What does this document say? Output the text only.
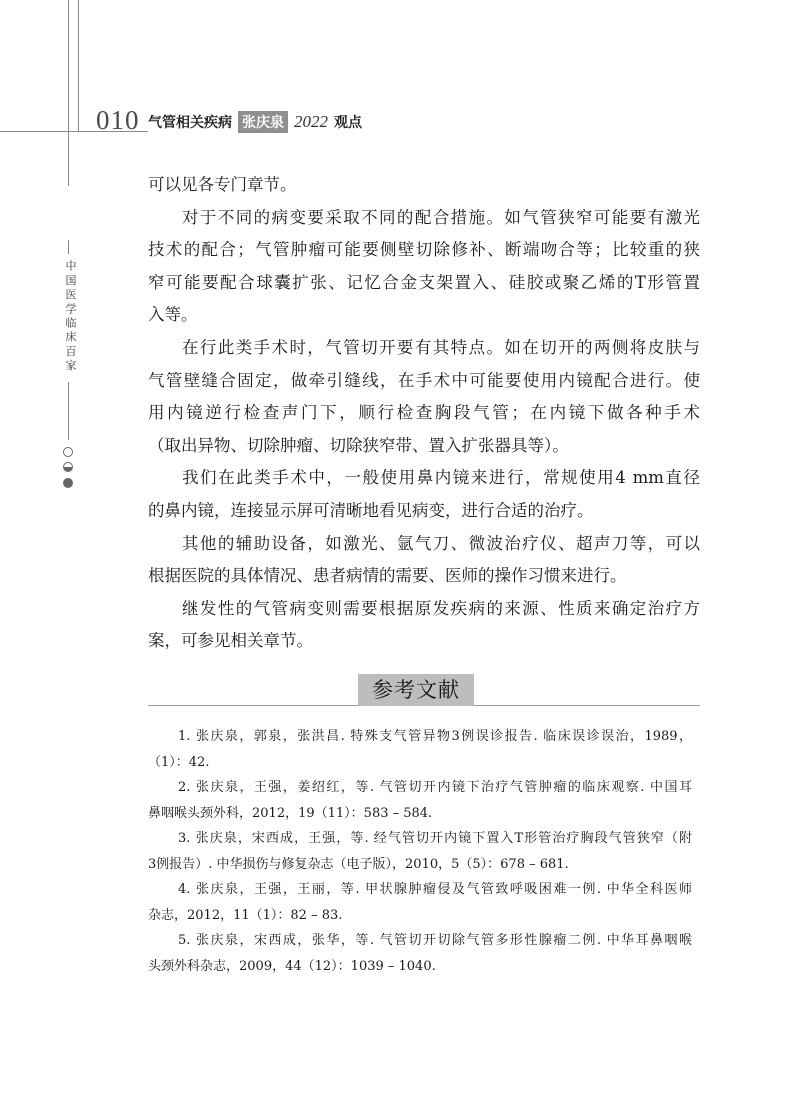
010 气管相关疾病 张庆泉 2022 观点
中国医学临床百家
可以见各专门章节。
对于不同的病变要采取不同的配合措施。如气管狭窄可能要有激光
技术的配合；气管肿瘤可能要侧壁切除修补、断端吻合等；比较重的狭
窄可能要配合球囊扩张、记忆合金支架置入、硅胶或聚乙烯的T形管置
入等。
在行此类手术时，气管切开要有其特点。如在切开的两侧将皮肤与
气管壁缝合固定，做牵引缝线，在手术中可能要使用内镜配合进行。使
用内镜逆行检查声门下，顺行检查胸段气管；在内镜下做各种手术
（取出异物、切除肿瘤、切除狭窄带、置入扩张器具等）。
我们在此类手术中，一般使用鼻内镜来进行，常规使用4 mm直径
的鼻内镜，连接显示屏可清晰地看见病变，进行合适的治疗。
其他的辅助设备，如激光、氩气刀、微波治疗仪、超声刀等，可以
根据医院的具体情况、患者病情的需要、医师的操作习惯来进行。
继发性的气管病变则需要根据原发疾病的来源、性质来确定治疗方
案，可参见相关章节。
参考文献
1. 张庆泉，郭泉，张洪昌. 特殊支气管异物3例误诊报告. 临床误诊误治，1989，
（1）：42.
2. 张庆泉，王强，姜绍红，等. 气管切开内镜下治疗气管肿瘤的临床观察. 中国耳
鼻咽喉头颈外科，2012，19（11）：583 – 584.
3. 张庆泉，宋西成，王强，等. 经气管切开内镜下置入T形管治疗胸段气管狭窄（附
3例报告）. 中华损伤与修复杂志（电子版），2010，5（5）：678 – 681.
4. 张庆泉，王强，王丽，等. 甲状腺肿瘤侵及气管致呼吸困难一例. 中华全科医师
杂志，2012，11（1）：82 – 83.
5. 张庆泉，宋西成，张华，等. 气管切开切除气管多形性腺瘤二例. 中华耳鼻咽喉
头颈外科杂志，2009，44（12）：1039 – 1040.
